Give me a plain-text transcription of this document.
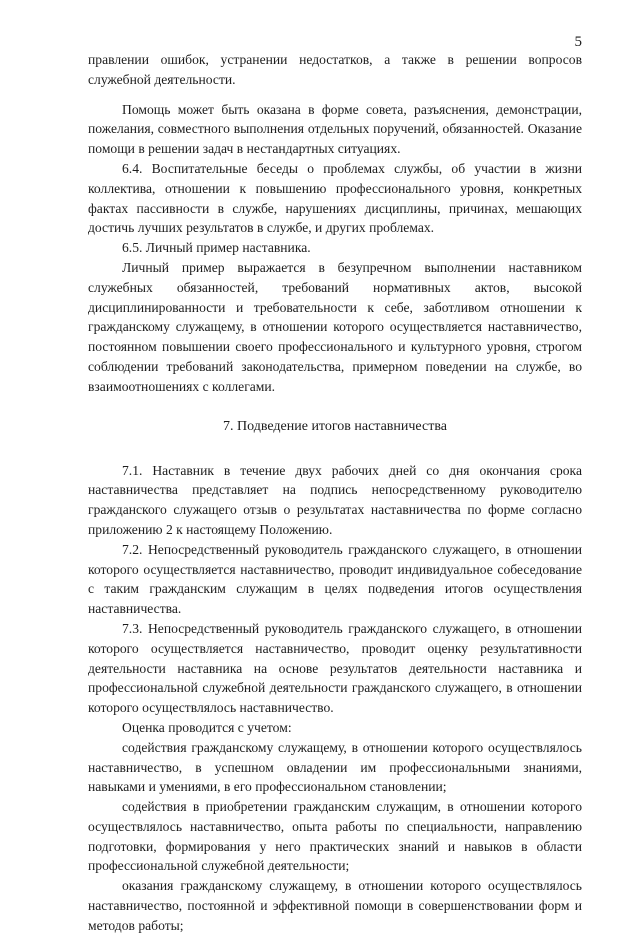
5

правлении ошибок, устранении недостатков, а также в решении вопросов служебной деятельности.

Помощь может быть оказана в форме совета, разъяснения, демонстрации, пожелания, совместного выполнения отдельных поручений, обязанностей. Оказание помощи в решении задач в нестандартных ситуациях.

6.4. Воспитательные беседы о проблемах службы, об участии в жизни коллектива, отношении к повышению профессионального уровня, конкретных фактах пассивности в службе, нарушениях дисциплины, причинах, мешающих достичь лучших результатов в службе, и других проблемах.

6.5. Личный пример наставника.

Личный пример выражается в безупречном выполнении наставником служебных обязанностей, требований нормативных актов, высокой дисциплинированности и требовательности к себе, заботливом отношении к гражданскому служащему, в отношении которого осуществляется наставничество, постоянном повышении своего профессионального и культурного уровня, строгом соблюдении требований законодательства, примерном поведении на службе, во взаимоотношениях с коллегами.

7. Подведение итогов наставничества

7.1. Наставник в течение двух рабочих дней со дня окончания срока наставничества представляет на подпись непосредственному руководителю гражданского служащего отзыв о результатах наставничества по форме согласно приложению 2 к настоящему Положению.

7.2. Непосредственный руководитель гражданского служащего, в отношении которого осуществляется наставничество, проводит индивидуальное собеседование с таким гражданским служащим в целях подведения итогов осуществления наставничества.

7.3. Непосредственный руководитель гражданского служащего, в отношении которого осуществляется наставничество, проводит оценку результативности деятельности наставника на основе результатов деятельности наставника и профессиональной служебной деятельности гражданского служащего, в отношении которого осуществлялось наставничество.

Оценка проводится с учетом:

содействия гражданскому служащему, в отношении которого осуществлялось наставничество, в успешном овладении им профессиональными знаниями, навыками и умениями, в его профессиональном становлении;

содействия в приобретении гражданским служащим, в отношении которого осуществлялось наставничество, опыта работы по специальности, направлению подготовки, формирования у него практических знаний и навыков в области профессиональной служебной деятельности;

оказания гражданскому служащему, в отношении которого осуществлялось наставничество, постоянной и эффективной помощи в совершенствовании форм и методов работы;
